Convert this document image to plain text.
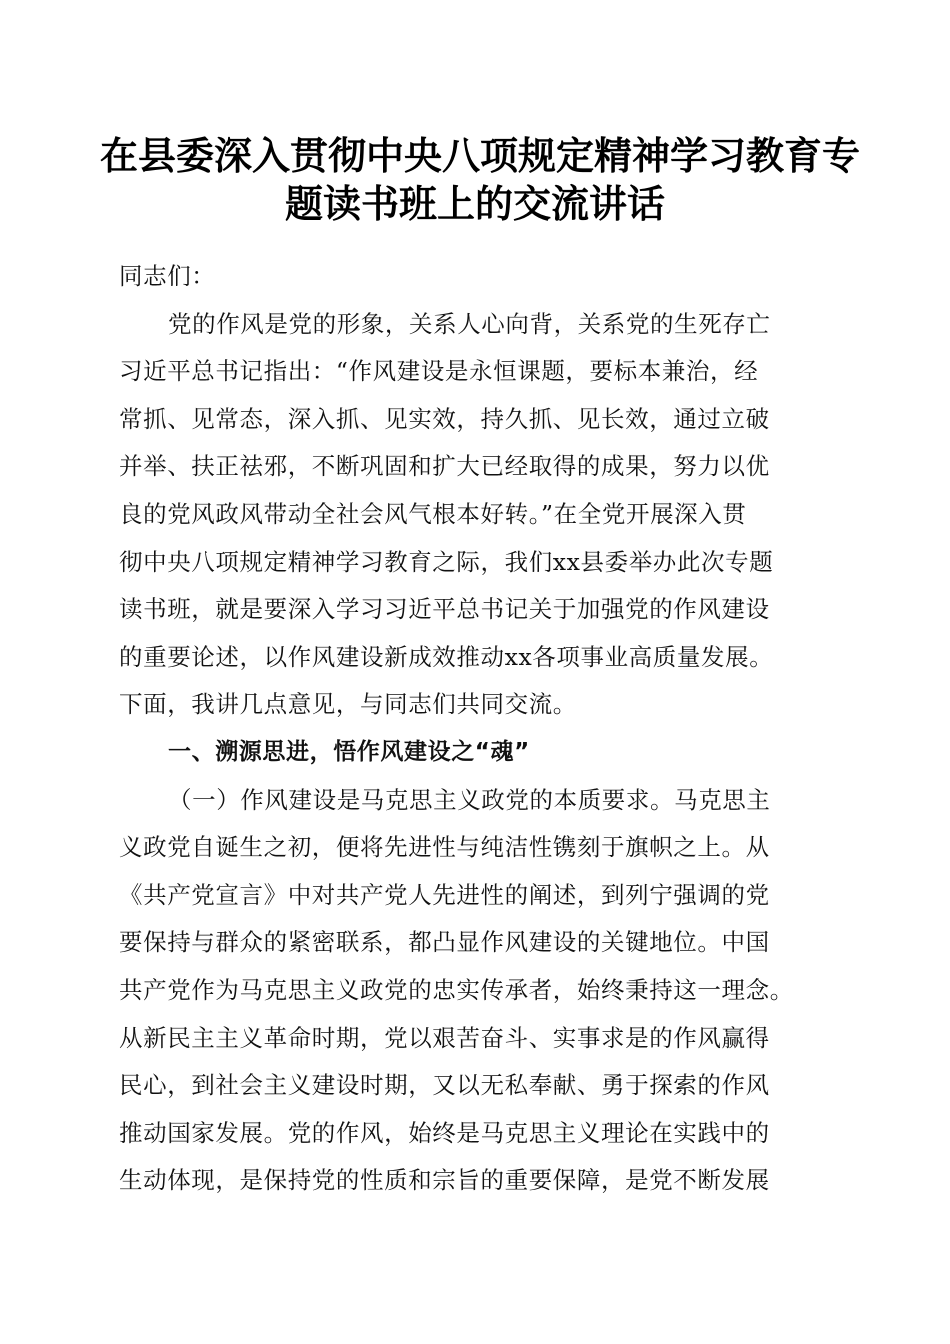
在县委深入贯彻中央八项规定精神学习教育专
题读书班上的交流讲话
同志们：
党的作风是党的形象，关系人心向背，关系党的生死存亡
习近平总书记指出：“作风建设是永恒课题，要标本兼治，经
常抓、见常态，深入抓、见实效，持久抓、见长效，通过立破
并举、扶正祛邪，不断巩固和扩大已经取得的成果，努力以优
良的党风政风带动全社会风气根本好转。”在全党开展深入贯
彻中央八项规定精神学习教育之际，我们xx县委举办此次专题
读书班，就是要深入学习习近平总书记关于加强党的作风建设
的重要论述，以作风建设新成效推动xx各项事业高质量发展。
下面，我讲几点意见，与同志们共同交流。
一、溯源思进，悟作风建设之“魂”
（一）作风建设是马克思主义政党的本质要求。马克思主
义政党自诞生之初，便将先进性与纯洁性镌刻于旗帜之上。从
《共产党宣言》中对共产党人先进性的阐述，到列宁强调的党
要保持与群众的紧密联系，都凸显作风建设的关键地位。中国
共产党作为马克思主义政党的忠实传承者，始终秉持这一理念。
从新民主主义革命时期，党以艰苦奋斗、实事求是的作风赢得
民心，到社会主义建设时期，又以无私奉献、勇于探索的作风
推动国家发展。党的作风，始终是马克思主义理论在实践中的
生动体现，是保持党的性质和宗旨的重要保障，是党不断发展
